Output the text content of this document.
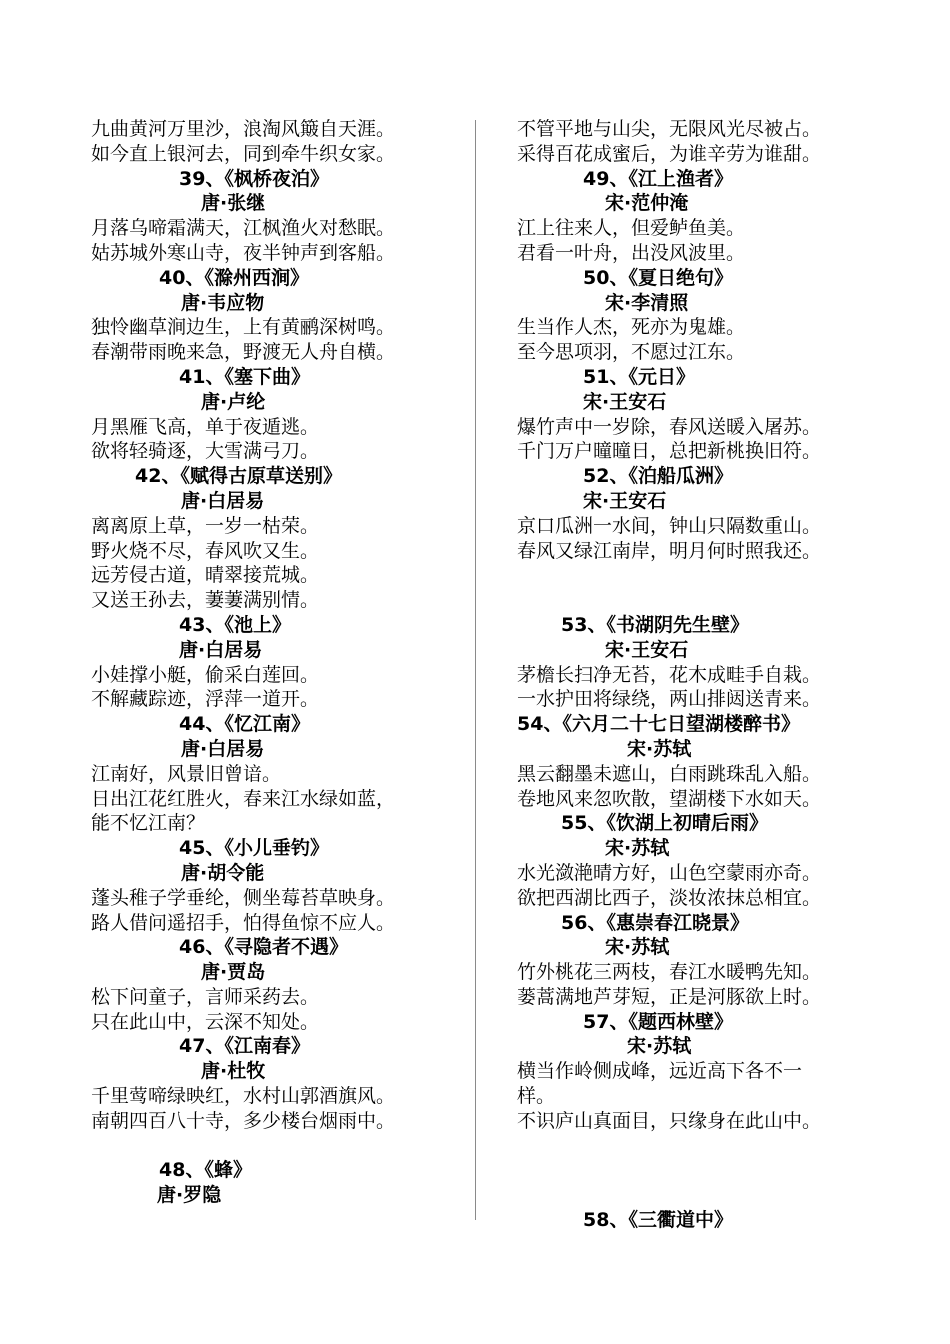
九曲黄河万里沙，浪淘风簸自天涯。
如今直上银河去，同到牵牛织女家。
39、《枫桥夜泊》
唐·张继
月落乌啼霜满天，江枫渔火对愁眠。
姑苏城外寒山寺，夜半钟声到客船。
40、《滁州西涧》
唐·韦应物
独怜幽草涧边生，上有黄鹂深树鸣。
春潮带雨晚来急，野渡无人舟自横。
41、《塞下曲》
唐·卢纶
月黑雁飞高，单于夜遁逃。
欲将轻骑逐，大雪满弓刀。
42、《赋得古原草送别》
唐·白居易
离离原上草，一岁一枯荣。
野火烧不尽，春风吹又生。
远芳侵古道，晴翠接荒城。
又送王孙去，萋萋满别情。
43、《池上》
唐·白居易
小娃撑小艇，偷采白莲回。
不解藏踪迹，浮萍一道开。
44、《忆江南》
唐·白居易
江南好，风景旧曾谙。
日出江花红胜火，春来江水绿如蓝，
能不忆江南？
45、《小儿垂钓》
唐·胡令能
蓬头稚子学垂纶，侧坐莓苔草映身。
路人借问遥招手，怕得鱼惊不应人。
46、《寻隐者不遇》
唐·贾岛
松下问童子，言师采药去。
只在此山中，云深不知处。
47、《江南春》
唐·杜牧
千里莺啼绿映红，水村山郭酒旗风。
南朝四百八十寺，多少楼台烟雨中。
48、《蜂》
唐·罗隐
不管平地与山尖，无限风光尽被占。
采得百花成蜜后，为谁辛劳为谁甜。
49、《江上渔者》
宋·范仲淹
江上往来人，但爱鲈鱼美。
君看一叶舟，出没风波里。
50、《夏日绝句》
宋·李清照
生当作人杰，死亦为鬼雄。
至今思项羽，不愿过江东。
51、《元日》
宋·王安石
爆竹声中一岁除，春风送暖入屠苏。
千门万户曈曈日，总把新桃换旧符。
52、《泊船瓜洲》
宋·王安石
京口瓜洲一水间，钟山只隔数重山。
春风又绿江南岸，明月何时照我还。
53、《书湖阴先生壁》
宋·王安石
茅檐长扫净无苔，花木成畦手自栽。
一水护田将绿绕，两山排闼送青来。
54、《六月二十七日望湖楼醉书》
宋·苏轼
黑云翻墨未遮山，白雨跳珠乱入船。
卷地风来忽吹散，望湖楼下水如天。
55、《饮湖上初晴后雨》
宋·苏轼
水光潋滟晴方好，山色空蒙雨亦奇。
欲把西湖比西子，淡妆浓抹总相宜。
56、《惠崇春江晓景》
宋·苏轼
竹外桃花三两枝，春江水暖鸭先知。
蒌蒿满地芦芽短，正是河豚欲上时。
57、《题西林壁》
宋·苏轼
横当作岭侧成峰，远近高下各不一
样。
不识庐山真面目，只缘身在此山中。
58、《三衢道中》
